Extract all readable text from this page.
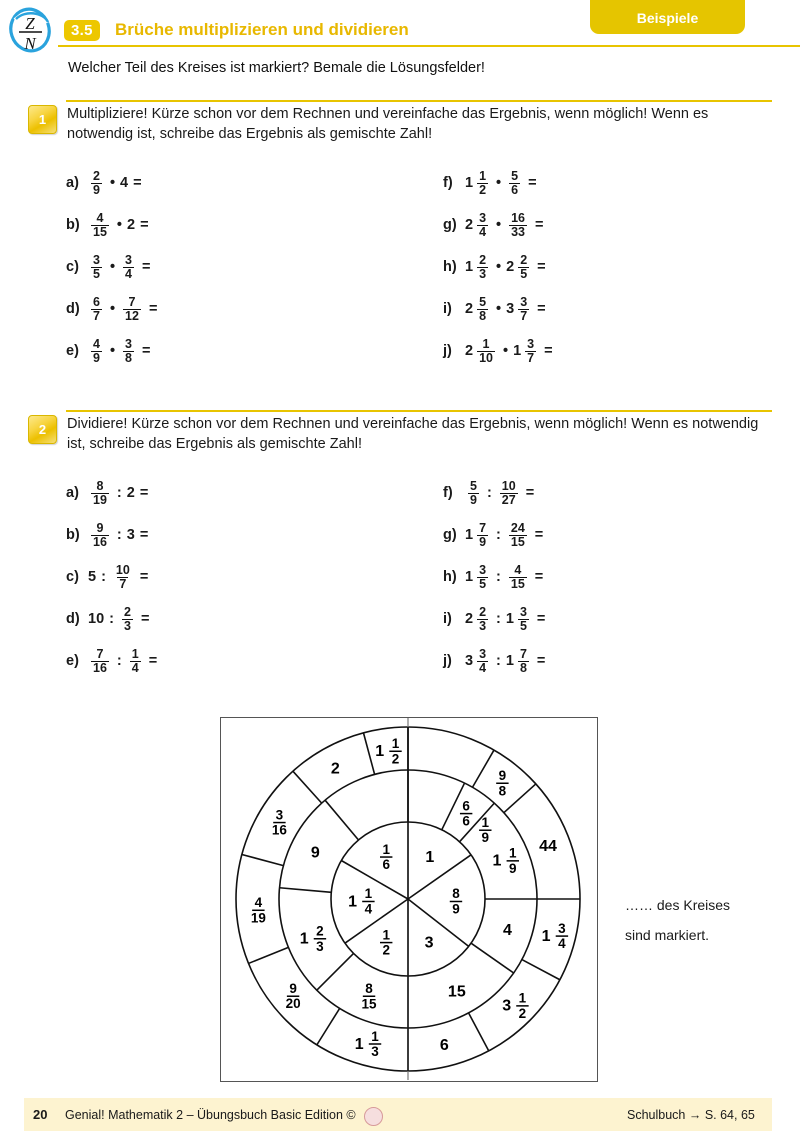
Z
N
3.5	Brüche multiplizieren und dividieren
Beispiele
Welcher Teil des Kreises ist markiert? Bemale die Lösungsfelder!
1	Multipliziere! Kürze schon vor dem Rechnen und vereinfache das Ergebnis, wenn möglich! Wenn es notwendig ist, schreibe das Ergebnis als gemischte Zahl!
$a) \frac{2}{9}$ • 4 =
$b) \frac{4}{15}$ • 2 =
$c) \frac{3}{5}$ • $\frac{3}{4}$ =
$d) \frac{6}{7}$ • $\frac{7}{12}$ =
$e) \frac{4}{9}$ • $\frac{3}{8}$ =
f) $1 \frac{1}{2}$ • $\frac{5}{6}$ =
g) $2 \frac{3}{4}$ • $\frac{16}{33}$ =
h) $1 \frac{2}{3}$ • $2 \frac{2}{5}$ =
i) $2 \frac{5}{8}$ • $3 \frac{3}{7}$ =
j) $2 \frac{1}{10}$ • $1 \frac{3}{7}$ =
2	Dividiere! Kürze schon vor dem Rechnen und vereinfache das Ergebnis, wenn möglich! Wenn es notwendig ist, schreibe das Ergebnis als gemischte Zahl!
$a) \frac{8}{19}$ : 2 =
$b) \frac{9}{16}$ : 3 =
c) 5 : $\frac{10}{7}$ =
d) 10 : $\frac{2}{3}$ =
$e) \frac{7}{16}$ : $\frac{1}{4}$ =
f)	$\frac{5}{9}$ : $\frac{10}{27}$ =
g) $1 \frac{7}{9}$ : $\frac{24}{15}$ =
h) $1 \frac{3}{5}$ : $\frac{4}{15}$ =
i) $2 \frac{2}{3}$ : $1 \frac{3}{5}$ =
j) $3 \frac{3}{4}$ : $1 \frac{7}{8}$ =
9
8
44
1 3
4
3 1
2
6
1 1
3
9
20
4
19
3
16
2
1 1
2
6
6 1
9
1 1
9
4
15
8
15
1 2
3
9	1
8
9
3
1
2
1 1
4
1
6
…… des Kreises
sind markiert.
20 Genial! Mathematik 2 – Übungsbuch Basic Edition ©	Schulbuch → S. 64, 65
